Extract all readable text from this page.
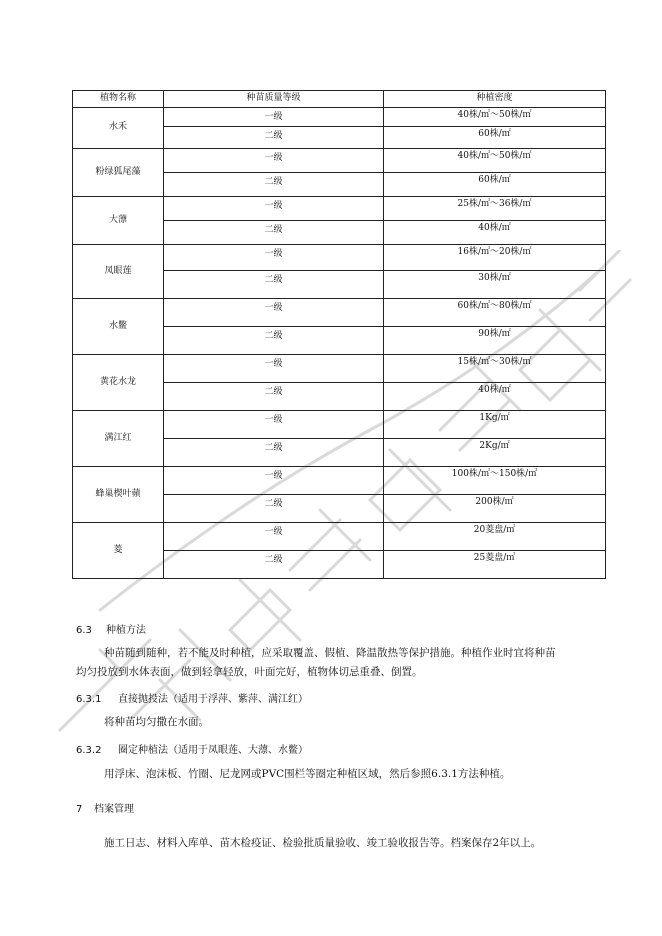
植物名称	种苗质量等级	种植密度
水禾	一级	40株/㎡～50株/㎡
	二级	60株/㎡
粉绿狐尾藻	一级	40株/㎡～50株/㎡
	二级	60株/㎡
大薸	一级	25株/㎡～36株/㎡
	二级	40株/㎡
凤眼莲	一级	16株/㎡～20株/㎡
	二级	30株/㎡
水鳖	一级	60株/㎡～80株/㎡
	二级	90株/㎡
黄花水龙	一级	15株/㎡～30株/㎡
	二级	40株/㎡
满江红	一级	1Kg/㎡
	二级	2Kg/㎡
蜂巢楔叶蘋	一级	100株/㎡～150株/㎡
	二级	200株/㎡
菱	一级	20菱盘/㎡
	二级	25菱盘/㎡
6.3 种植方法
种苗随到随种，若不能及时种植，应采取覆盖、假植、降温散热等保护措施。种植作业时宜将种苗
均匀投放到水体表面，做到轻拿轻放，叶面完好，植物体切忌重叠、倒置。
6.3.1 直接抛投法（适用于浮萍、紫萍、满江红）
将种苗均匀撒在水面。
6.3.2 圈定种植法（适用于凤眼莲、大薸、水鳖）
用浮床、泡沫板、竹圈、尼龙网或PVC围栏等圈定种植区域，然后参照6.3.1方法种植。
7 档案管理
施工日志、材料入库单、苗木检疫证、检验批质量验收、竣工验收报告等。档案保存2年以上。
